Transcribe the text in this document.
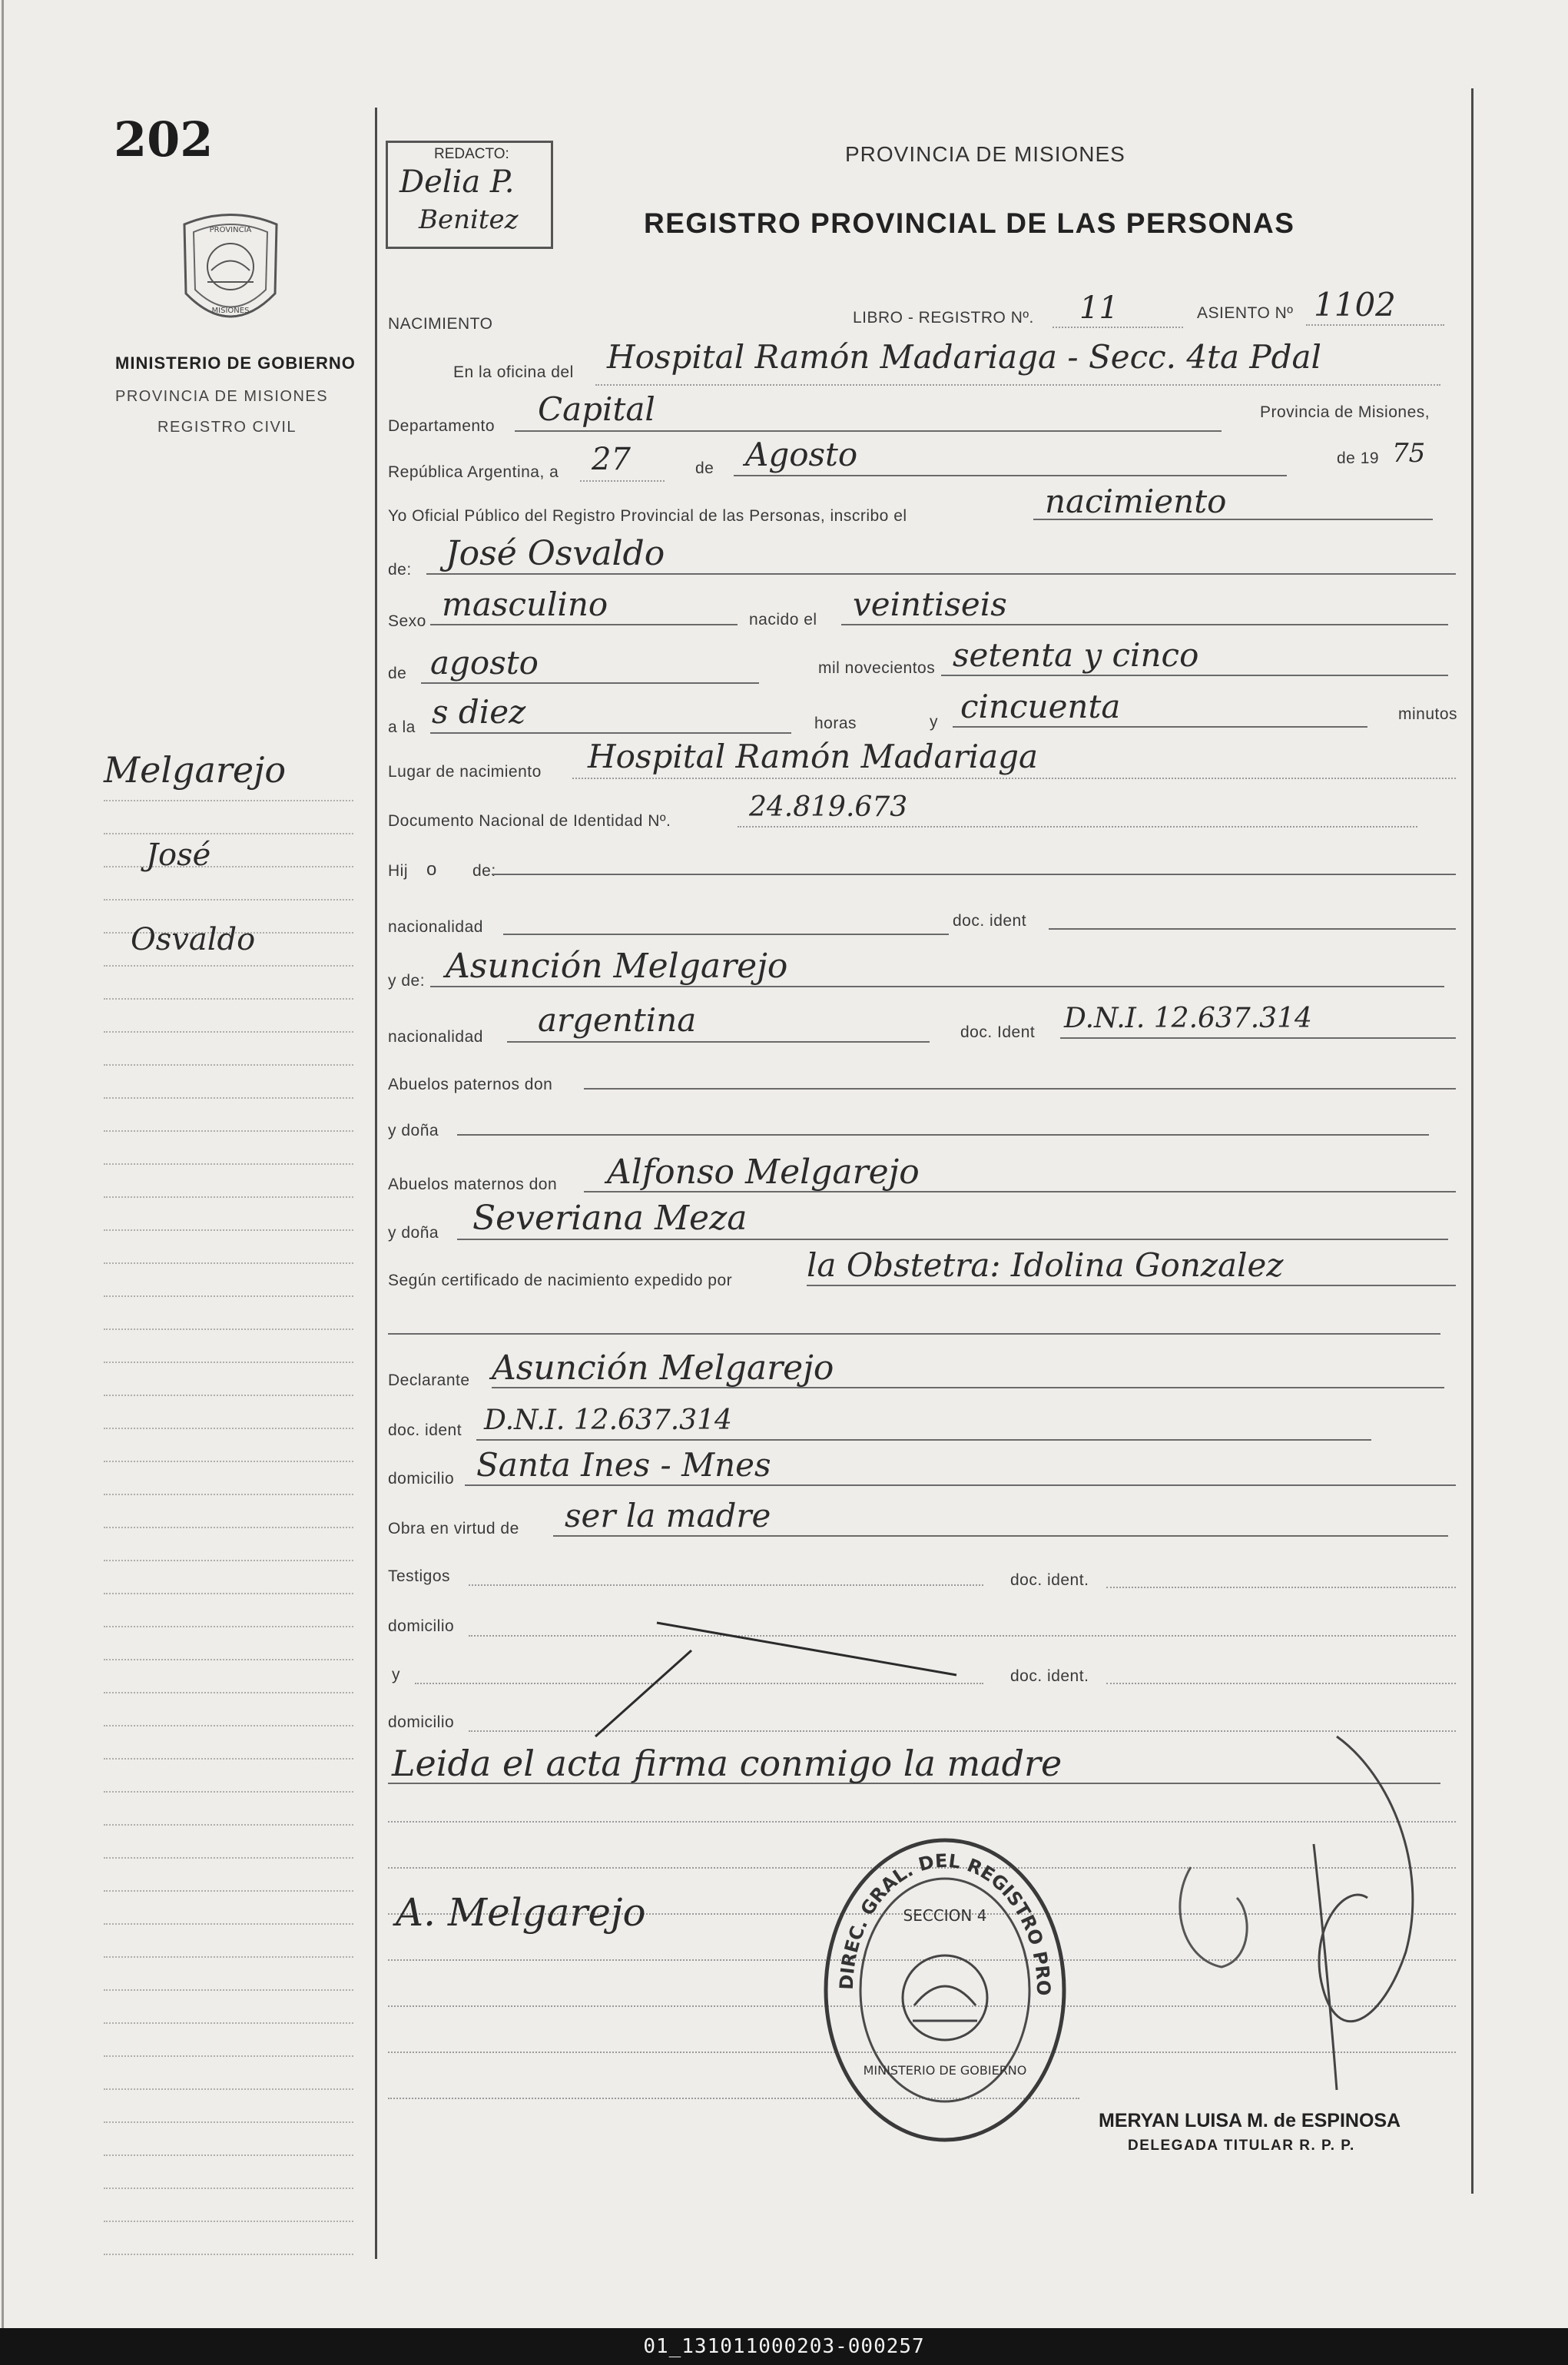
202
PROVINCIA
MISIONES
MINISTERIO DE GOBIERNO
PROVINCIA DE MISIONES
REGISTRO CIVIL
Melgarejo
José
Osvaldo
REDACTO:
Delia P.
Benitez
PROVINCIA DE MISIONES
REGISTRO PROVINCIAL DE LAS PERSONAS
NACIMIENTO	LIBRO - REGISTRO Nº. 11	ASIENTO Nº 1102
En la oficina del Hospital Ramón Madariaga - Secc. 4ta Pdal
Departamento Capital	Provincia de Misiones,
República Argentina, a 27	de Agosto	de 19 75
Yo Oficial Público del Registro Provincial de las Personas, inscribo el	nacimiento
de: José Osvaldo
Sexo masculino	nacido el veintiseis
de agosto	mil novecientos setenta y cinco
a la s diez	horas	y cincuenta	minutos
Lugar de nacimiento Hospital Ramón Madariaga
Documento Nacional de Identidad Nº.	24.819.673
Hij o de:
nacionalidad	doc. ident
y de: Asunción Melgarejo
nacionalidad argentina	doc. Ident D.N.I. 12.637.314
Abuelos paternos don
y doña
Abuelos maternos don Alfonso Melgarejo
y doña Severiana Meza
Según certificado de nacimiento expedido por la Obstetra: Idolina Gonzalez
Declarante Asunción Melgarejo
doc. ident D.N.I. 12.637.314
domicilio Santa Ines - Mnes
Obra en virtud de ser la madre
Testigos	doc. ident.
domicilio
y	doc. ident.
domicilio
Leida el acta firma conmigo la madre
A. Melgarejo
DIREC. GRAL. DEL REGISTRO PRO
SECCION 4
MINISTERIO DE GOBIERNO
MERYAN LUISA M. de ESPINOSA
DELEGADA TITULAR R. P. P.
01_131011000203-000257
